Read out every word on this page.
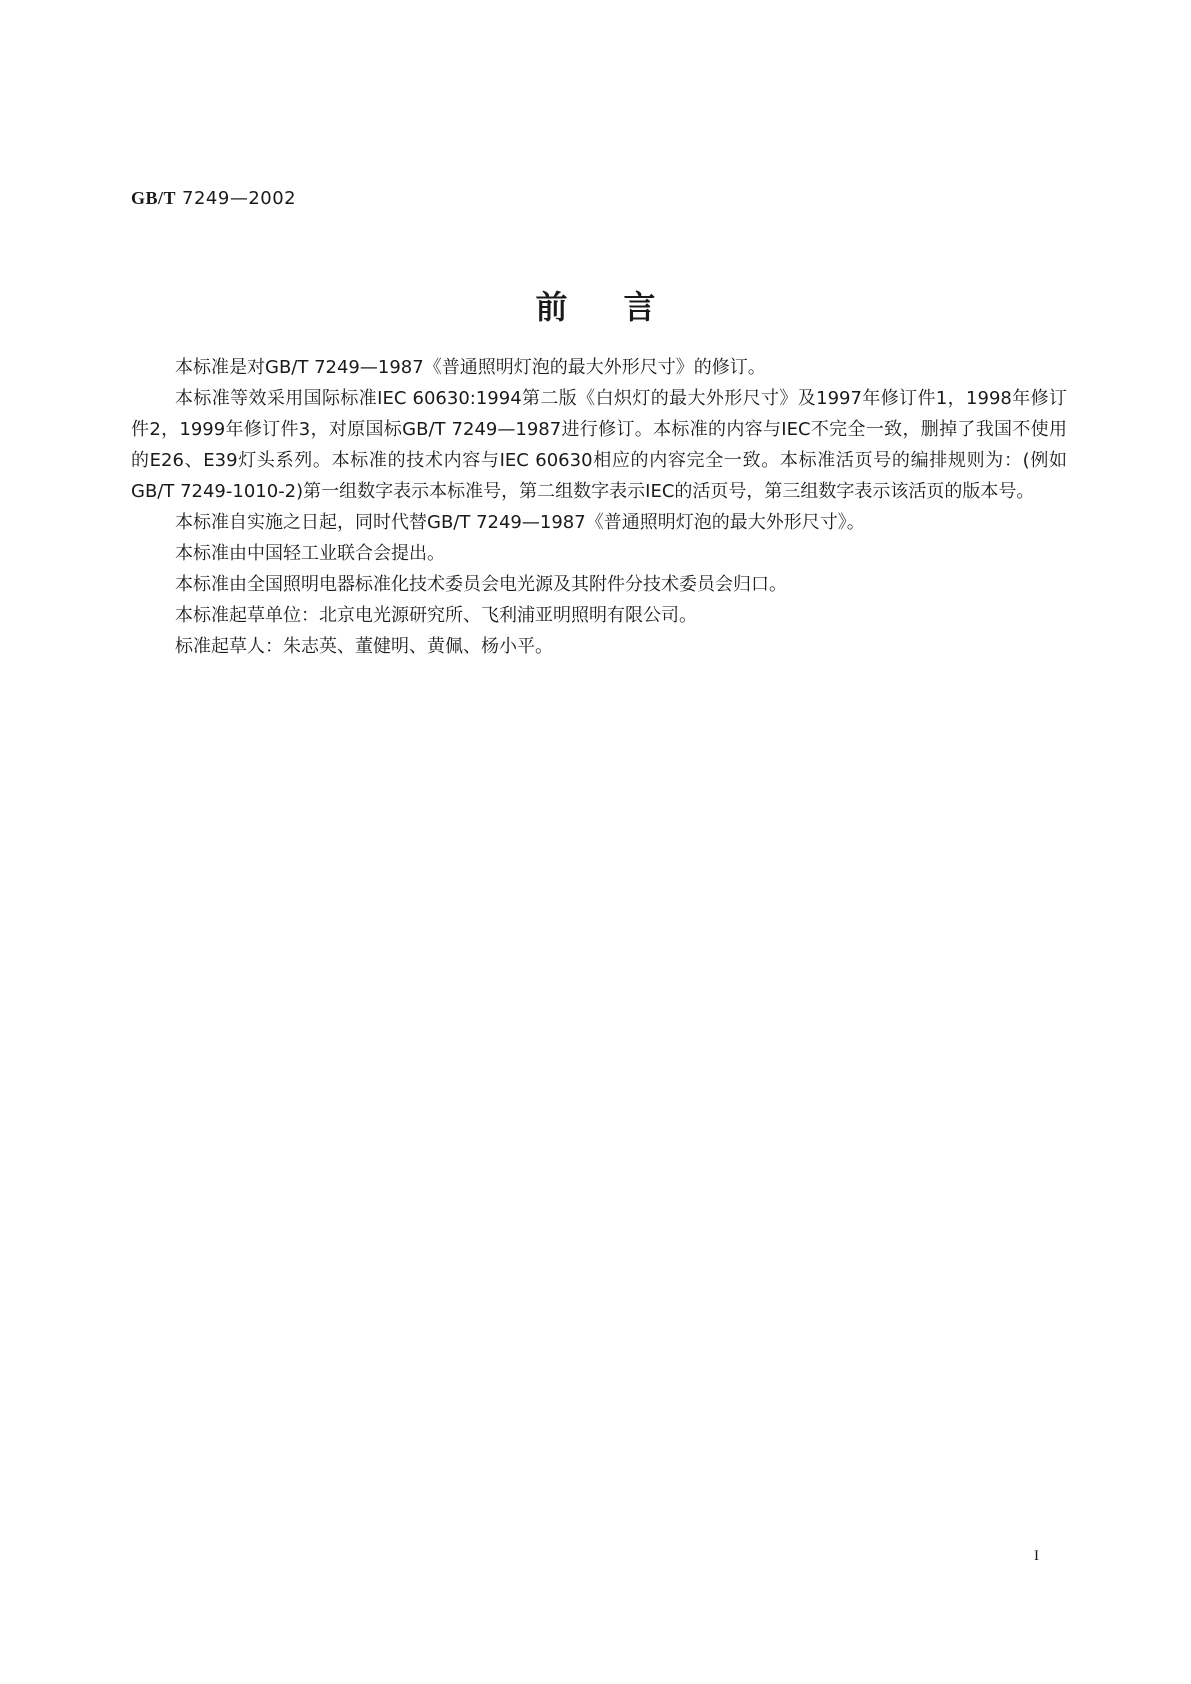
GB/T 7249—2002
前言

本标准是对GB/T 7249—1987《普通照明灯泡的最大外形尺寸》的修订。

本标准等效采用国际标准IEC 60630:1994第二版《白炽灯的最大外形尺寸》及1997年修订件1，1998年修订件2，1999年修订件3，对原国标GB/T 7249—1987进行修订。本标准的内容与IEC不完全一致，删掉了我国不使用的E26、E39灯头系列。本标准的技术内容与IEC 60630相应的内容完全一致。本标准活页号的编排规则为：(例如GB/T 7249-1010-2)第一组数字表示本标准号，第二组数字表示IEC的活页号，第三组数字表示该活页的版本号。

本标准自实施之日起，同时代替GB/T 7249—1987《普通照明灯泡的最大外形尺寸》。

本标准由中国轻工业联合会提出。

本标准由全国照明电器标准化技术委员会电光源及其附件分技术委员会归口。

本标准起草单位：北京电光源研究所、飞利浦亚明照明有限公司。

标准起草人：朱志英、董健明、黄佩、杨小平。

I
